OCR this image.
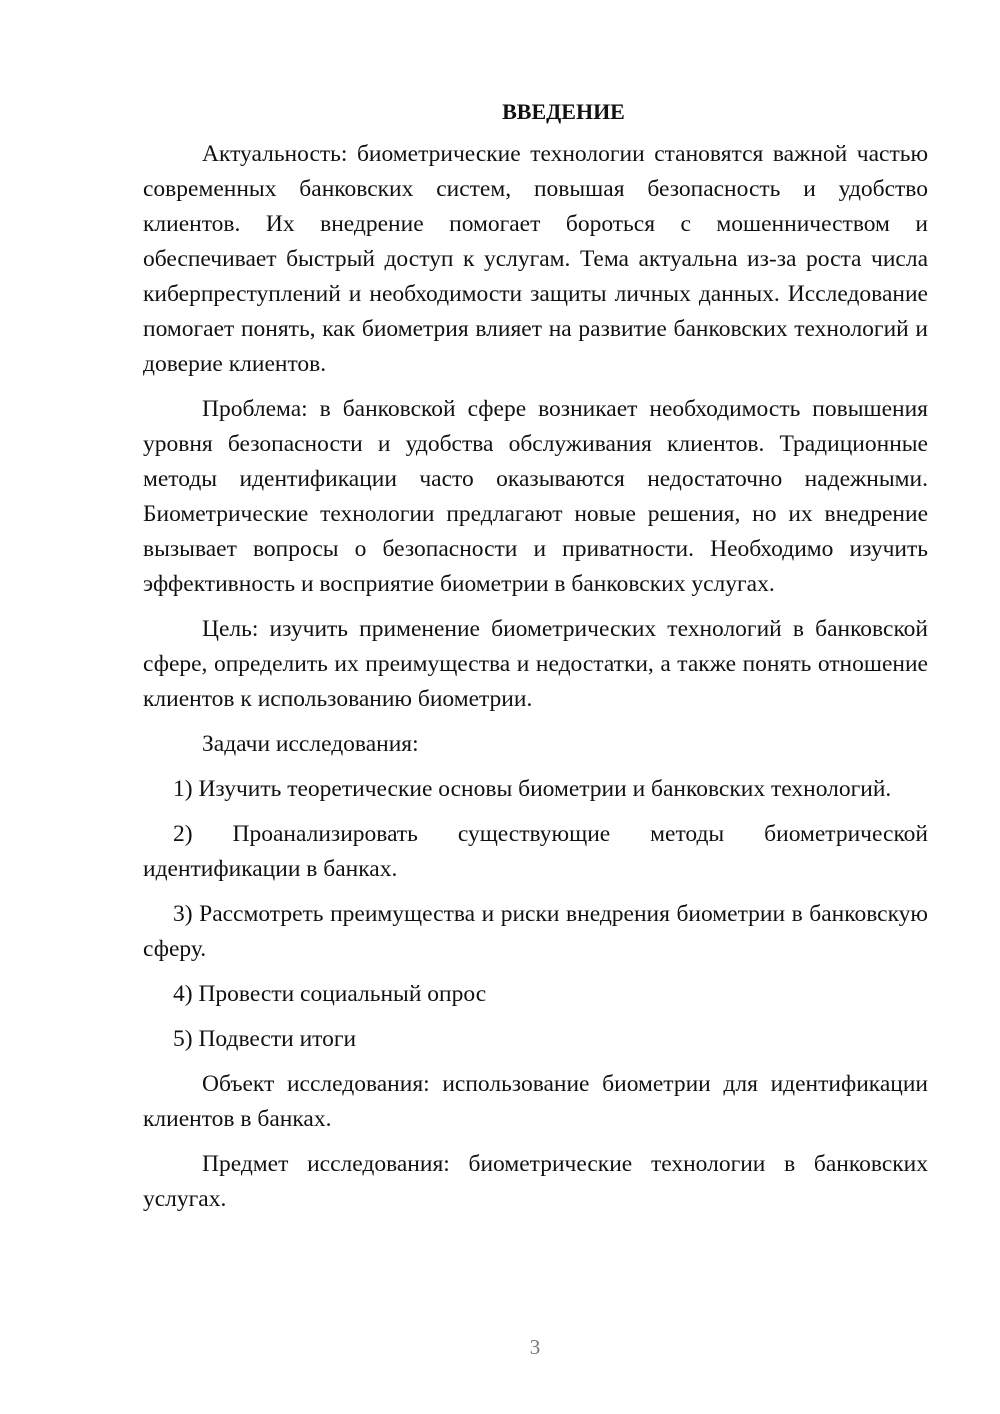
ВВЕДЕНИЕ

Актуальность: биометрические технологии становятся важной частью современных банковских систем, повышая безопасность и удобство клиентов. Их внедрение помогает бороться с мошенничеством и обеспечивает быстрый доступ к услугам. Тема актуальна из-за роста числа киберпреступлений и необходимости защиты личных данных. Исследование помогает понять, как биометрия влияет на развитие банковских технологий и доверие клиентов.

Проблема: в банковской сфере возникает необходимость повышения уровня безопасности и удобства обслуживания клиентов. Традиционные методы идентификации часто оказываются недостаточно надежными. Биометрические технологии предлагают новые решения, но их внедрение вызывает вопросы о безопасности и приватности. Необходимо изучить эффективность и восприятие биометрии в банковских услугах.

Цель: изучить применение биометрических технологий в банковской сфере, определить их преимущества и недостатки, а также понять отношение клиентов к использованию биометрии.

Задачи исследования:

1) Изучить теоретические основы биометрии и банковских технологий.

2) Проанализировать существующие методы биометрической идентификации в банках.

3) Рассмотреть преимущества и риски внедрения биометрии в банковскую сферу.

4) Провести социальный опрос

5) Подвести итоги

Объект исследования: использование биометрии для идентификации клиентов в банках.

Предмет исследования: биометрические технологии в банковских услугах.

3
